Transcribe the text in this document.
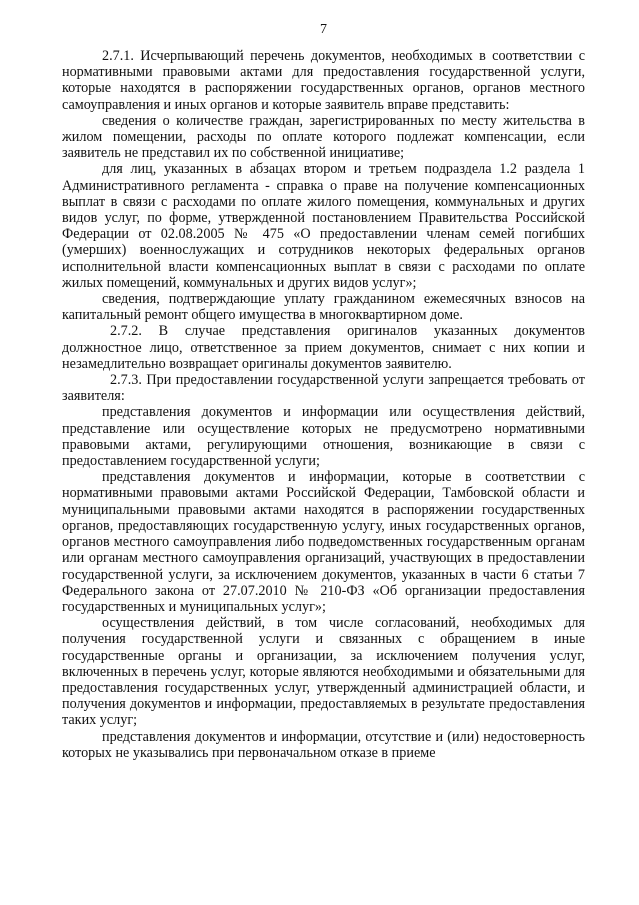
7

2.7.1. Исчерпывающий перечень документов, необходимых в соответствии с нормативными правовыми актами для предоставления государственной услуги, которые находятся в распоряжении государственных органов, органов местного самоуправления и иных органов и которые заявитель вправе представить:

сведения о количестве граждан, зарегистрированных по месту жительства в жилом помещении, расходы по оплате которого подлежат компенсации, если заявитель не представил их по собственной инициативе;

для лиц, указанных в абзацах втором и третьем подраздела 1.2 раздела 1 Административного регламента - справка о праве на получение компенсационных выплат в связи с расходами по оплате жилого помещения, коммунальных и других видов услуг, по форме, утвержденной постановлением Правительства Российской Федерации от 02.08.2005 № 475 «О предоставлении членам семей погибших (умерших) военнослужащих и сотрудников некоторых федеральных органов исполнительной власти компенсационных выплат в связи с расходами по оплате жилых помещений, коммунальных и других видов услуг»;

сведения, подтверждающие уплату гражданином ежемесячных взносов на капитальный ремонт общего имущества в многоквартирном доме.

2.7.2. В случае представления оригиналов указанных документов должностное лицо, ответственное за прием документов, снимает с них копии и незамедлительно возвращает оригиналы документов заявителю.

2.7.3. При предоставлении государственной услуги запрещается требовать от заявителя:

представления документов и информации или осуществления действий, представление или осуществление которых не предусмотрено нормативными правовыми актами, регулирующими отношения, возникающие в связи с предоставлением государственной услуги;

представления документов и информации, которые в соответствии с нормативными правовыми актами Российской Федерации, Тамбовской области и муниципальными правовыми актами находятся в распоряжении государственных органов, предоставляющих государственную услугу, иных государственных органов, органов местного самоуправления либо подведомственных государственным органам или органам местного самоуправления организаций, участвующих в предоставлении государственной услуги, за исключением документов, указанных в части 6 статьи 7 Федерального закона от 27.07.2010 № 210-ФЗ «Об организации предоставления государственных и муниципальных услуг»;

осуществления действий, в том числе согласований, необходимых для получения государственной услуги и связанных с обращением в иные государственные органы и организации, за исключением получения услуг, включенных в перечень услуг, которые являются необходимыми и обязательными для предоставления государственных услуг, утвержденный администрацией области, и получения документов и информации, предоставляемых в результате предоставления таких услуг;

представления документов и информации, отсутствие и (или) недостоверность которых не указывались при первоначальном отказе в приеме
